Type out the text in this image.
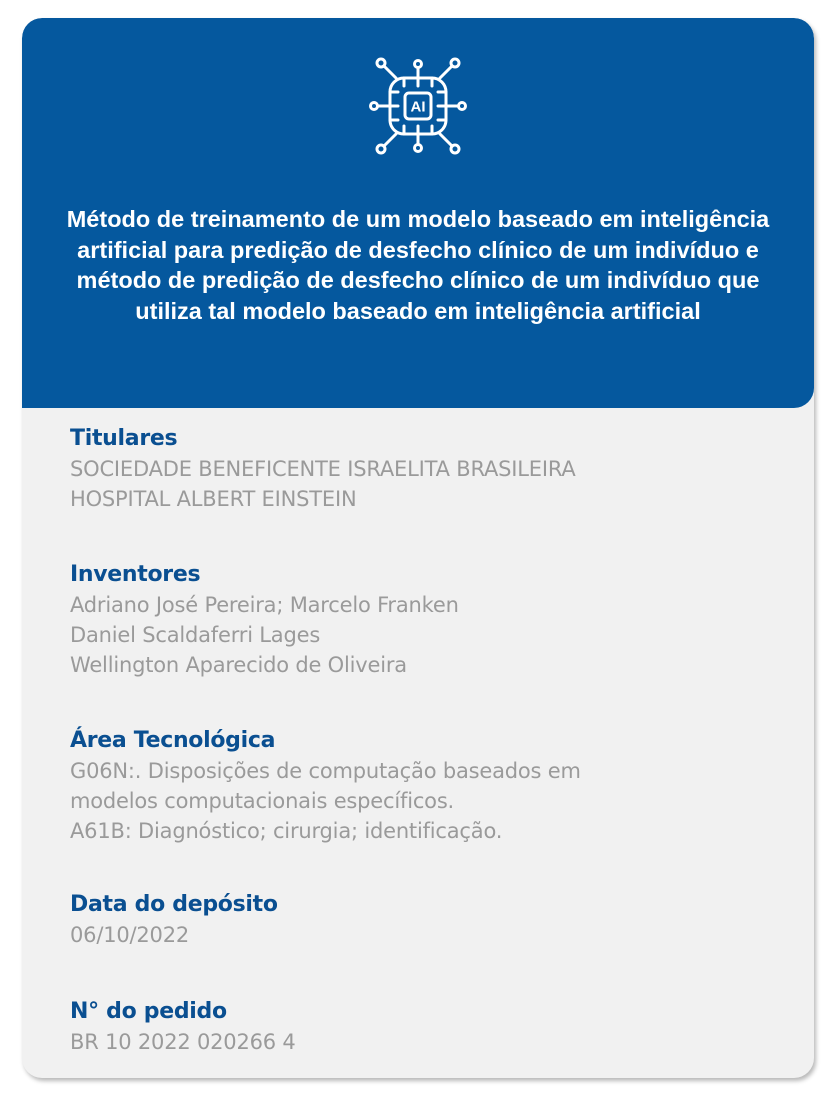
AI

Método de treinamento de um modelo baseado em inteligência artificial para predição de desfecho clínico de um indivíduo e método de predição de desfecho clínico de um indivíduo que utiliza tal modelo baseado em inteligência artificial

Titulares
SOCIEDADE BENEFICENTE ISRAELITA BRASILEIRA
HOSPITAL ALBERT EINSTEIN
Inventores
Adriano José Pereira; Marcelo Franken
Daniel Scaldaferri Lages
Wellington Aparecido de Oliveira
Área Tecnológica
G06N:. Disposições de computação baseados em
modelos computacionais específicos.
A61B: Diagnóstico; cirurgia; identificação.
Data do depósito
06/10/2022
N° do pedido
BR 10 2022 020266 4
